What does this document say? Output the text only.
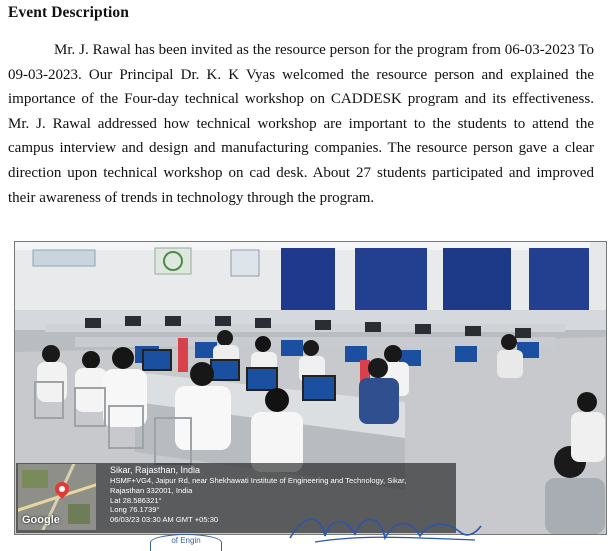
Event Description
Mr. J. Rawal has been invited as the resource person for the program from 06-03-2023 To 09-03-2023. Our Principal Dr. K. K Vyas welcomed the resource person and explained the importance of the Four-day technical workshop on CADDESK program and its effectiveness. Mr. J. Rawal addressed how technical workshop are important to the students to attend the campus interview and design and manufacturing companies. The resource person gave a clear direction upon technical workshop on cad desk. About 27 students participated and improved their awareness of trends in technology through the program.
Google
Sikar, Rajasthan, India
HSMF+VG4, Jaipur Rd, near Shekhawati Institute of Engineering and Technology, Sikar,
Rajasthan 332001, India
Lat 28.586321°
Long 76.1739°
06/03/23 03:30 AM GMT +05:30
of Engin
